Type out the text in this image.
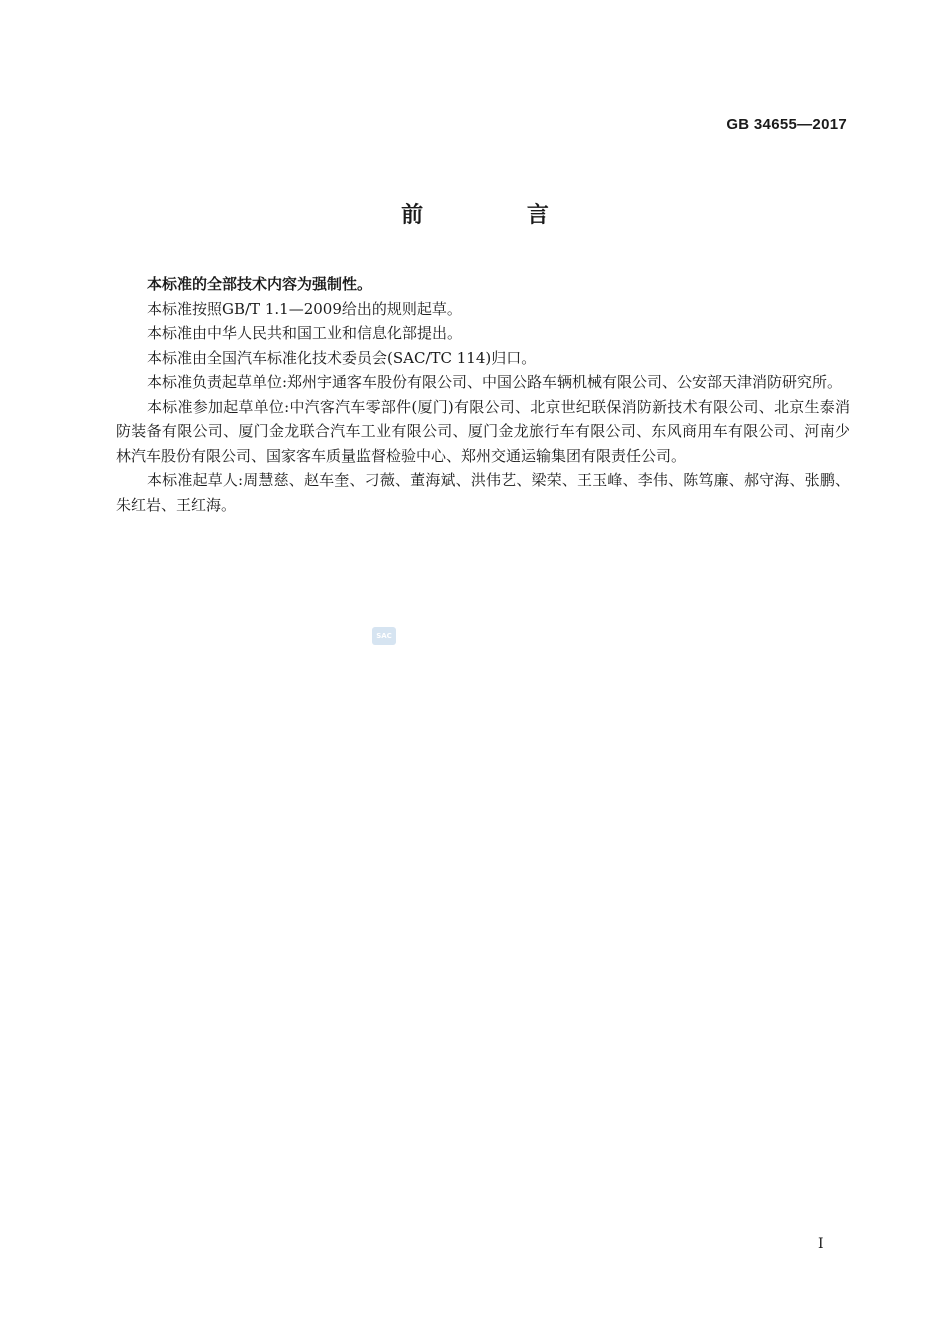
GB 34655—2017
前 言

本标准的全部技术内容为强制性。

本标准按照GB/T 1.1—2009给出的规则起草。

本标准由中华人民共和国工业和信息化部提出。

本标准由全国汽车标准化技术委员会(SAC/TC 114)归口。

本标准负责起草单位:郑州宇通客车股份有限公司、中国公路车辆机械有限公司、公安部天津消防研究所。

本标准参加起草单位:中汽客汽车零部件(厦门)有限公司、北京世纪联保消防新技术有限公司、北京生泰消防装备有限公司、厦门金龙联合汽车工业有限公司、厦门金龙旅行车有限公司、东风商用车有限公司、河南少林汽车股份有限公司、国家客车质量监督检验中心、郑州交通运输集团有限责任公司。

本标准起草人:周慧慈、赵车奎、刁薇、董海斌、洪伟艺、梁荣、王玉峰、李伟、陈笃廉、郝守海、张鹏、朱红岩、王红海。

SAC
I
